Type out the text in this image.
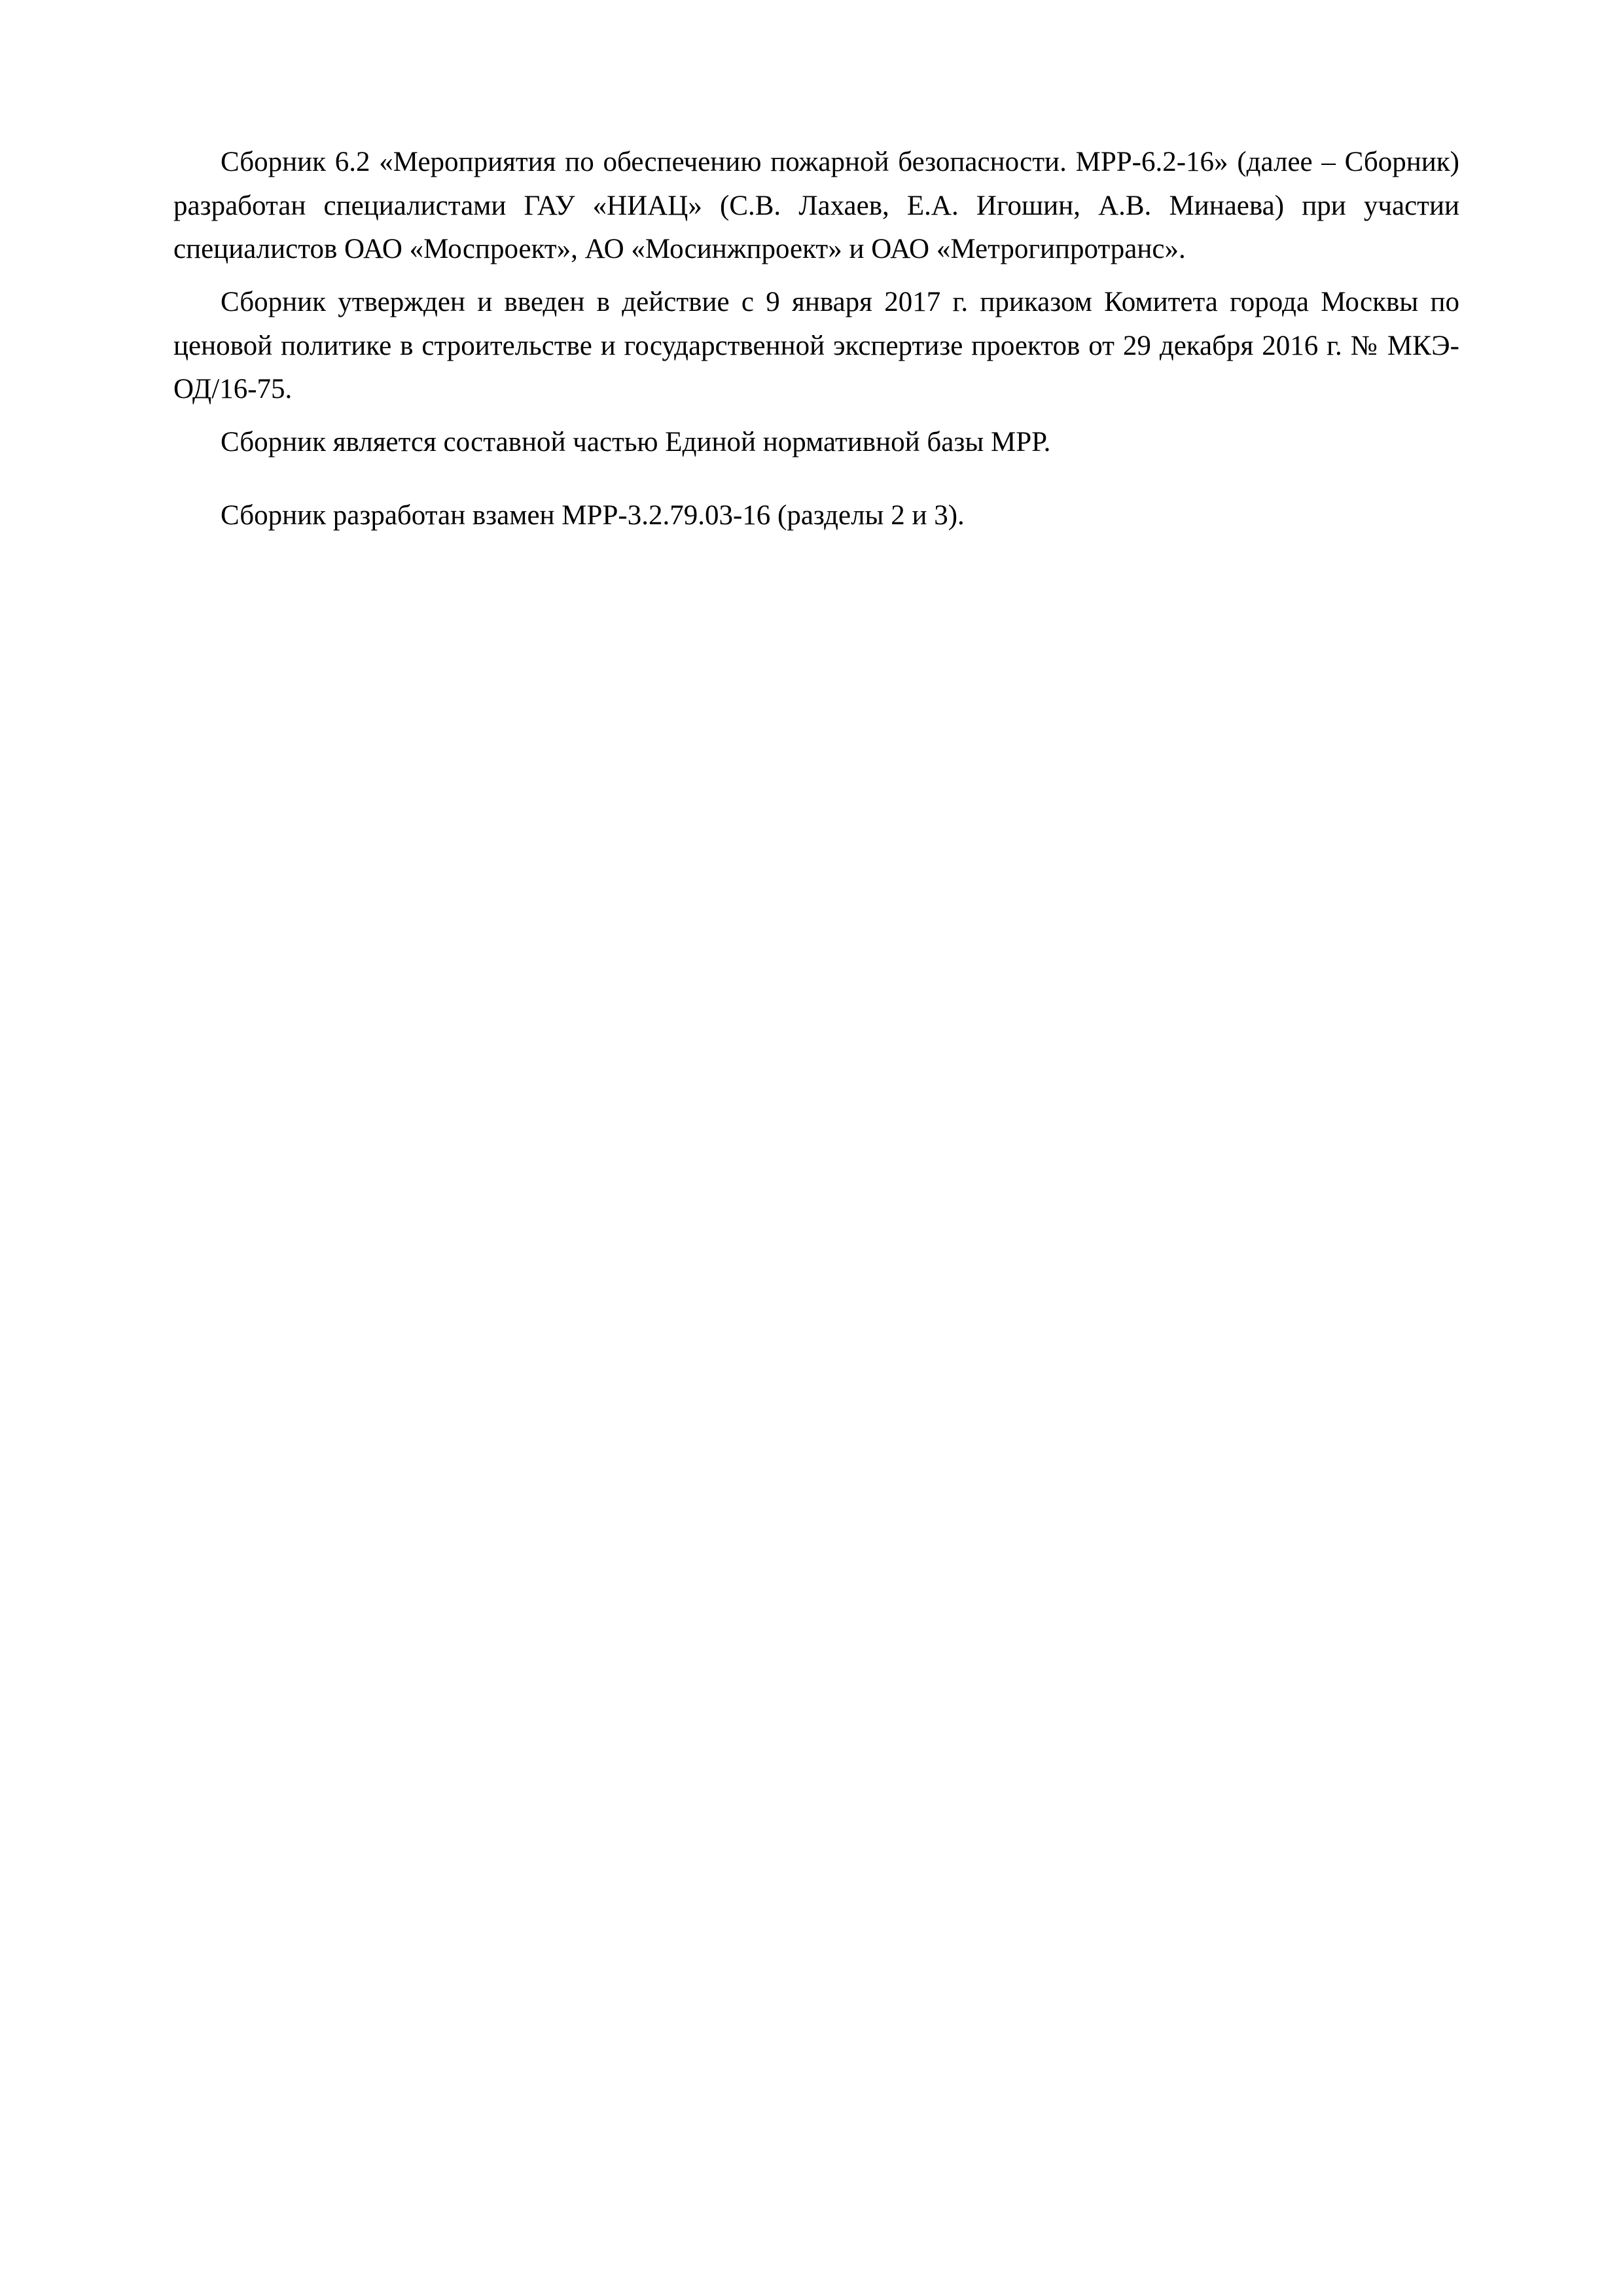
Сборник 6.2 «Мероприятия по обеспечению пожарной безопасности. МРР-6.2-16» (далее – Сборник) разработан специалистами ГАУ «НИАЦ» (С.В. Лахаев, Е.А. Игошин, А.В. Минаева) при участии специалистов ОАО «Моспроект», АО «Мосинжпроект» и ОАО «Метрогипротранс».

Сборник утвержден и введен в действие с 9 января 2017 г. приказом Комитета города Москвы по ценовой политике в строительстве и государственной экспертизе проектов от 29 декабря 2016 г. № МКЭ-ОД/16-75.

Сборник является составной частью Единой нормативной базы МРР.

Сборник разработан взамен МРР-3.2.79.03-16 (разделы 2 и 3).
